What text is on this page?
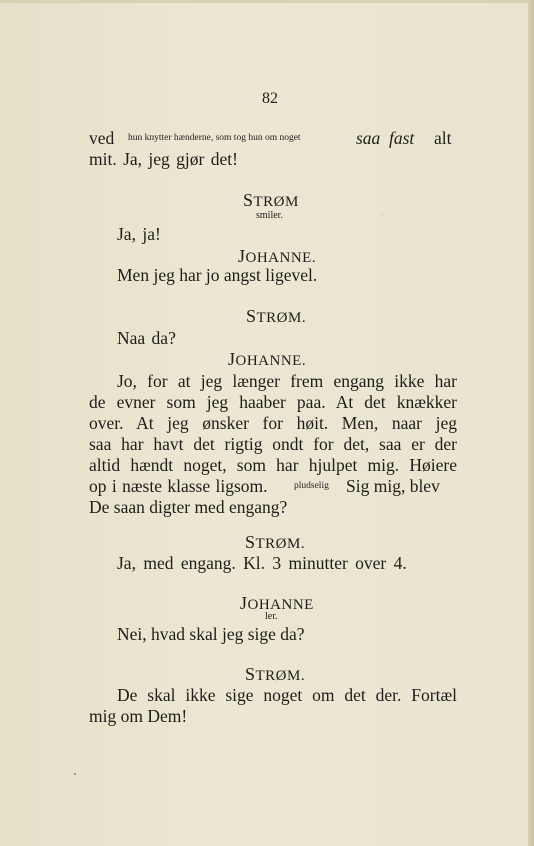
82
ved hun knytter hænderne, som tog hun om noget	saa fast alt
mit. Ja, jeg gjør det!
STRØM
smiler.
Ja, ja!
JOHANNE.
Men jeg har jo angst ligevel.
STRØM.
Naa da?
JOHANNE.
Jo, for at jeg længer frem engang ikke har
de evner som jeg haaber paa. At det knækker
over. At jeg ønsker for høit. Men, naar jeg
saa har havt det rigtig ondt for det, saa er der
altid hændt noget, som har hjulpet mig. Høiere
op i næste klasse ligsom.	pludselig Sig mig, blev
De saan digter med engang?
STRØM.
Ja, med engang. Kl. 3 minutter over 4.
JOHANNE
ler.
Nei, hvad skal jeg sige da?
STRØM.
De skal ikke sige noget om det der. Fortæl
mig om Dem!
